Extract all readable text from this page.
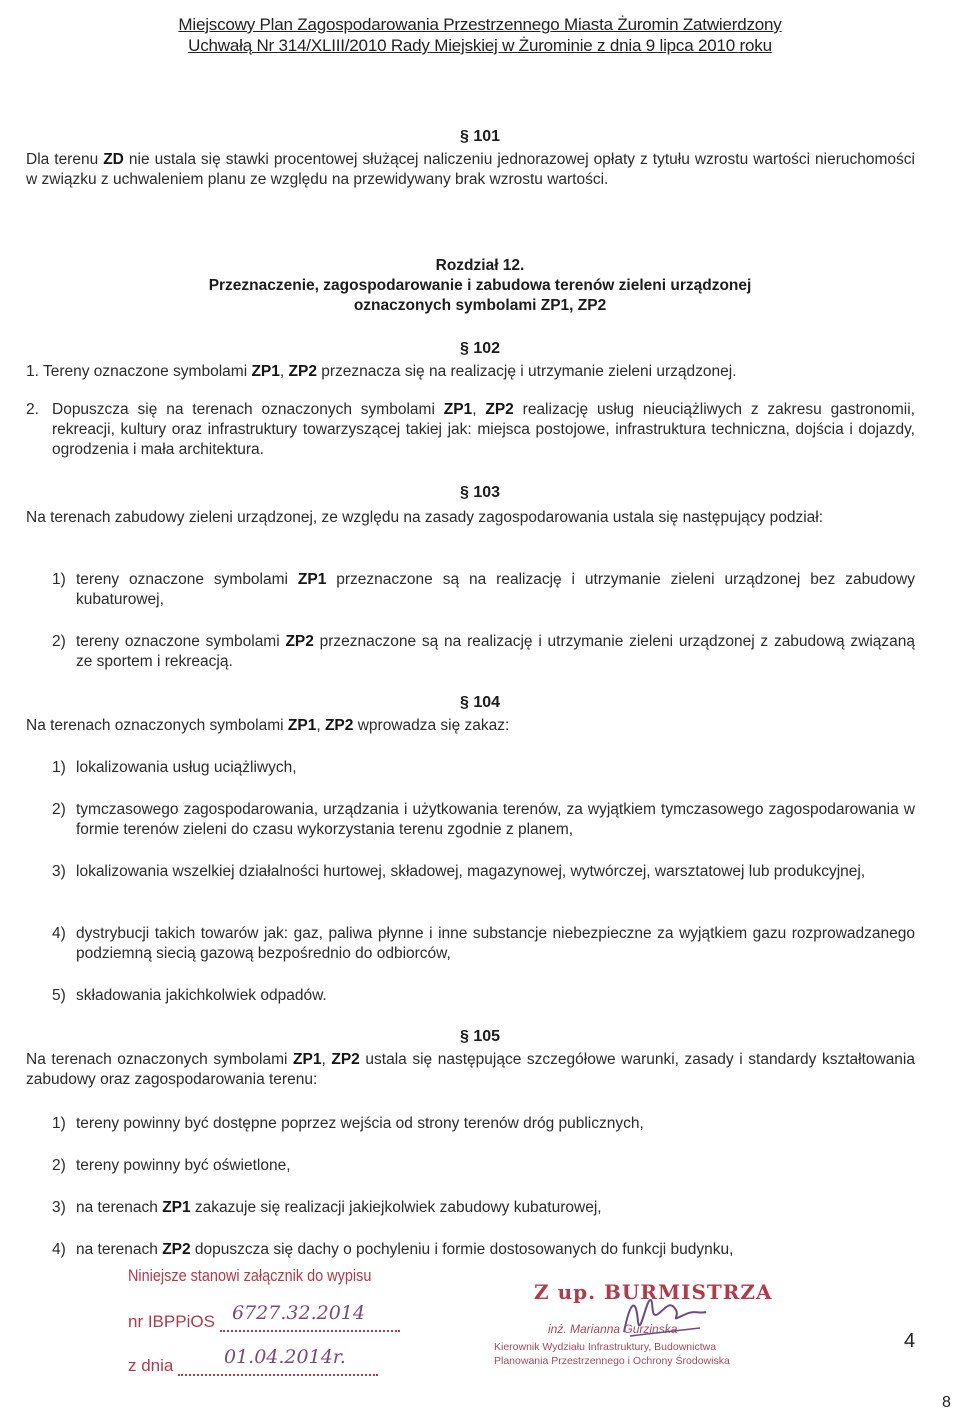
Miejscowy Plan Zagospodarowania Przestrzennego Miasta Żuromin Zatwierdzony
Uchwałą Nr 314/XLIII/2010 Rady Miejskiej w Żurominie z dnia 9 lipca 2010 roku
§ 101
Dla terenu ZD nie ustala się stawki procentowej służącej naliczeniu jednorazowej opłaty z tytułu wzrostu wartości nieruchomości w związku z uchwaleniem planu ze względu na przewidywany brak wzrostu wartości.
Rozdział 12.
Przeznaczenie, zagospodarowanie i zabudowa terenów zieleni urządzonej
oznaczonych symbolami ZP1, ZP2
§ 102
1. Tereny oznaczone symbolami ZP1, ZP2 przeznacza się na realizację i utrzymanie zieleni urządzonej.
2. Dopuszcza się na terenach oznaczonych symbolami ZP1, ZP2 realizację usług nieuciążliwych z zakresu gastronomii, rekreacji, kultury oraz infrastruktury towarzyszącej takiej jak: miejsca postojowe, infrastruktura techniczna, dojścia i dojazdy, ogrodzenia i mała architektura.
§ 103
Na terenach zabudowy zieleni urządzonej, ze względu na zasady zagospodarowania ustala się następujący podział:
1) tereny oznaczone symbolami ZP1 przeznaczone są na realizację i utrzymanie zieleni urządzonej bez zabudowy kubaturowej,
2) tereny oznaczone symbolami ZP2 przeznaczone są na realizację i utrzymanie zieleni urządzonej z zabudową związaną ze sportem i rekreacją.
§ 104
Na terenach oznaczonych symbolami ZP1, ZP2 wprowadza się zakaz:
1) lokalizowania usług uciążliwych,
2) tymczasowego zagospodarowania, urządzania i użytkowania terenów, za wyjątkiem tymczasowego zagospodarowania w formie terenów zieleni do czasu wykorzystania terenu zgodnie z planem,
3) lokalizowania wszelkiej działalności hurtowej, składowej, magazynowej, wytwórczej, warsztatowej lub produkcyjnej,
4) dystrybucji takich towarów jak: gaz, paliwa płynne i inne substancje niebezpieczne za wyjątkiem gazu rozprowadzanego podziemną siecią gazową bezpośrednio do odbiorców,
5) składowania jakichkolwiek odpadów.
§ 105
Na terenach oznaczonych symbolami ZP1, ZP2 ustala się następujące szczegółowe warunki, zasady i standardy kształtowania zabudowy oraz zagospodarowania terenu:
1) tereny powinny być dostępne poprzez wejścia od strony terenów dróg publicznych,
2) tereny powinny być oświetlone,
3) na terenach ZP1 zakazuje się realizacji jakiejkolwiek zabudowy kubaturowej,
4) na terenach ZP2 dopuszcza się dachy o pochyleniu i formie dostosowanych do funkcji budynku,
Niniejsze stanowi załącznik do wypisu
nr IBPPiOS
z dnia
6727.32.2014
01.04.2014r.
Z up. BURMISTRZA
inż. Marianna Gurzinska
Kierownik Wydziału Infrastruktury, Budownictwa
Planowania Przestrzennego i Ochrony Środowiska
4
8
